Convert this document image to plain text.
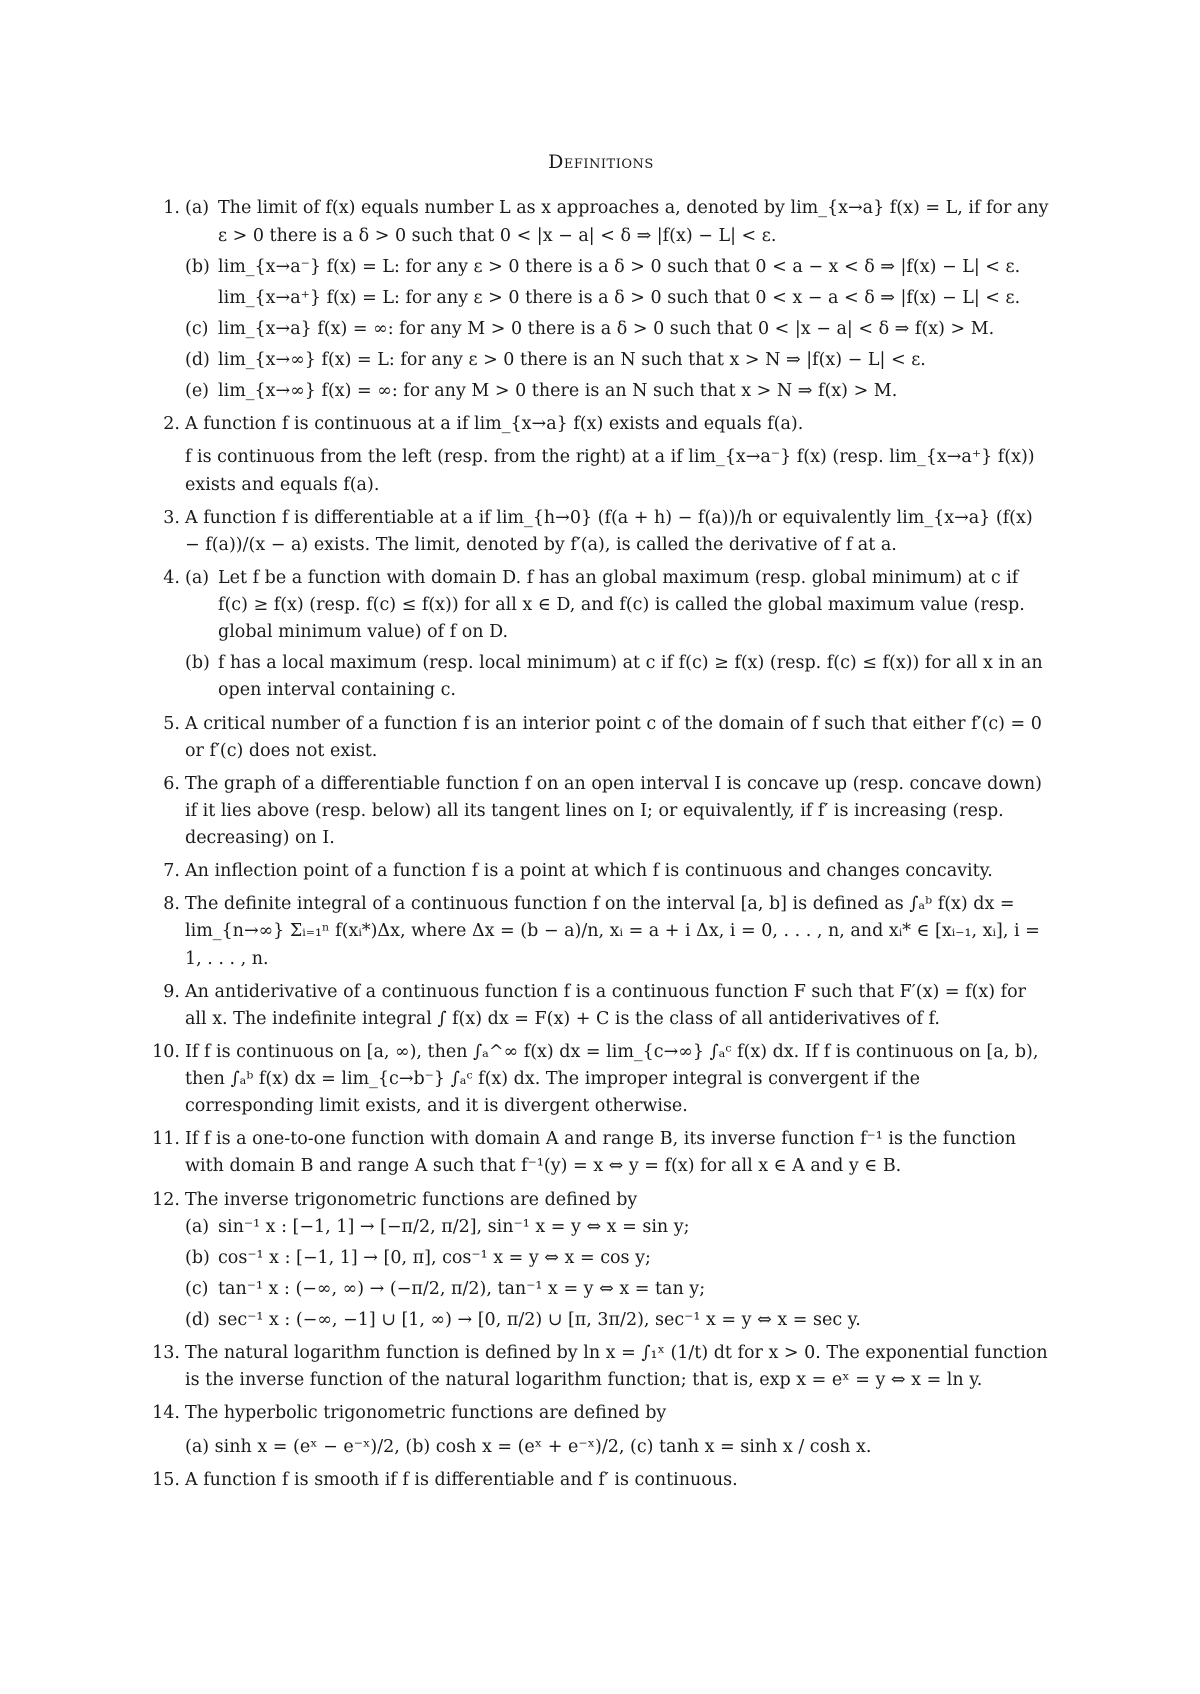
Definitions
1. (a) The limit of f(x) equals number L as x approaches a, denoted by lim_{x→a} f(x) = L, if for any ε > 0 there is a δ > 0 such that 0 < |x − a| < δ ⇒ |f(x) − L| < ε.
(b) lim_{x→a⁻} f(x) = L: for any ε > 0 there is a δ > 0 such that 0 < a − x < δ ⇒ |f(x) − L| < ε.
lim_{x→a⁺} f(x) = L: for any ε > 0 there is a δ > 0 such that 0 < x − a < δ ⇒ |f(x) − L| < ε.
(c) lim_{x→a} f(x) = ∞: for any M > 0 there is a δ > 0 such that 0 < |x − a| < δ ⇒ f(x) > M.
(d) lim_{x→∞} f(x) = L: for any ε > 0 there is an N such that x > N ⇒ |f(x) − L| < ε.
(e) lim_{x→∞} f(x) = ∞: for any M > 0 there is an N such that x > N ⇒ f(x) > M.
2. A function f is continuous at a if lim_{x→a} f(x) exists and equals f(a).
f is continuous from the left (resp. from the right) at a if lim_{x→a⁻} f(x) (resp. lim_{x→a⁺} f(x)) exists and equals f(a).
3. A function f is differentiable at a if lim_{h→0} (f(a + h) − f(a))/h or equivalently lim_{x→a} (f(x) − f(a))/(x − a) exists. The limit, denoted by f′(a), is called the derivative of f at a.
4. (a) Let f be a function with domain D. f has an global maximum (resp. global minimum) at c if f(c) ≥ f(x) (resp. f(c) ≤ f(x)) for all x ∈ D, and f(c) is called the global maximum value (resp. global minimum value) of f on D.
(b) f has a local maximum (resp. local minimum) at c if f(c) ≥ f(x) (resp. f(c) ≤ f(x)) for all x in an open interval containing c.
5. A critical number of a function f is an interior point c of the domain of f such that either f′(c) = 0 or f′(c) does not exist.
6. The graph of a differentiable function f on an open interval I is concave up (resp. concave down) if it lies above (resp. below) all its tangent lines on I; or equivalently, if f′ is increasing (resp. decreasing) on I.
7. An inflection point of a function f is a point at which f is continuous and changes concavity.
8. The definite integral of a continuous function f on the interval [a, b] is defined as ∫ₐᵇ f(x) dx = lim_{n→∞} Σᵢ₌₁ⁿ f(xᵢ*)Δx, where Δx = (b − a)/n, xᵢ = a + i Δx, i = 0, . . . , n, and xᵢ* ∈ [xᵢ₋₁, xᵢ], i = 1, . . . , n.
9. An antiderivative of a continuous function f is a continuous function F such that F′(x) = f(x) for all x. The indefinite integral ∫ f(x) dx = F(x) + C is the class of all antiderivatives of f.
10. If f is continuous on [a, ∞), then ∫ₐ^∞ f(x) dx = lim_{c→∞} ∫ₐᶜ f(x) dx. If f is continuous on [a, b), then ∫ₐᵇ f(x) dx = lim_{c→b⁻} ∫ₐᶜ f(x) dx. The improper integral is convergent if the corresponding limit exists, and it is divergent otherwise.
11. If f is a one-to-one function with domain A and range B, its inverse function f⁻¹ is the function with domain B and range A such that f⁻¹(y) = x ⇔ y = f(x) for all x ∈ A and y ∈ B.
12. The inverse trigonometric functions are defined by
(a) sin⁻¹ x : [−1, 1] → [−π/2, π/2], sin⁻¹ x = y ⇔ x = sin y;
(b) cos⁻¹ x : [−1, 1] → [0, π], cos⁻¹ x = y ⇔ x = cos y;
(c) tan⁻¹ x : (−∞, ∞) → (−π/2, π/2), tan⁻¹ x = y ⇔ x = tan y;
(d) sec⁻¹ x : (−∞, −1] ∪ [1, ∞) → [0, π/2) ∪ [π, 3π/2), sec⁻¹ x = y ⇔ x = sec y.
13. The natural logarithm function is defined by ln x = ∫₁ˣ (1/t) dt for x > 0. The exponential function is the inverse function of the natural logarithm function; that is, exp x = eˣ = y ⇔ x = ln y.
14. The hyperbolic trigonometric functions are defined by
(a) sinh x = (eˣ − e⁻ˣ)/2, (b) cosh x = (eˣ + e⁻ˣ)/2, (c) tanh x = sinh x / cosh x.
15. A function f is smooth if f is differentiable and f′ is continuous.
